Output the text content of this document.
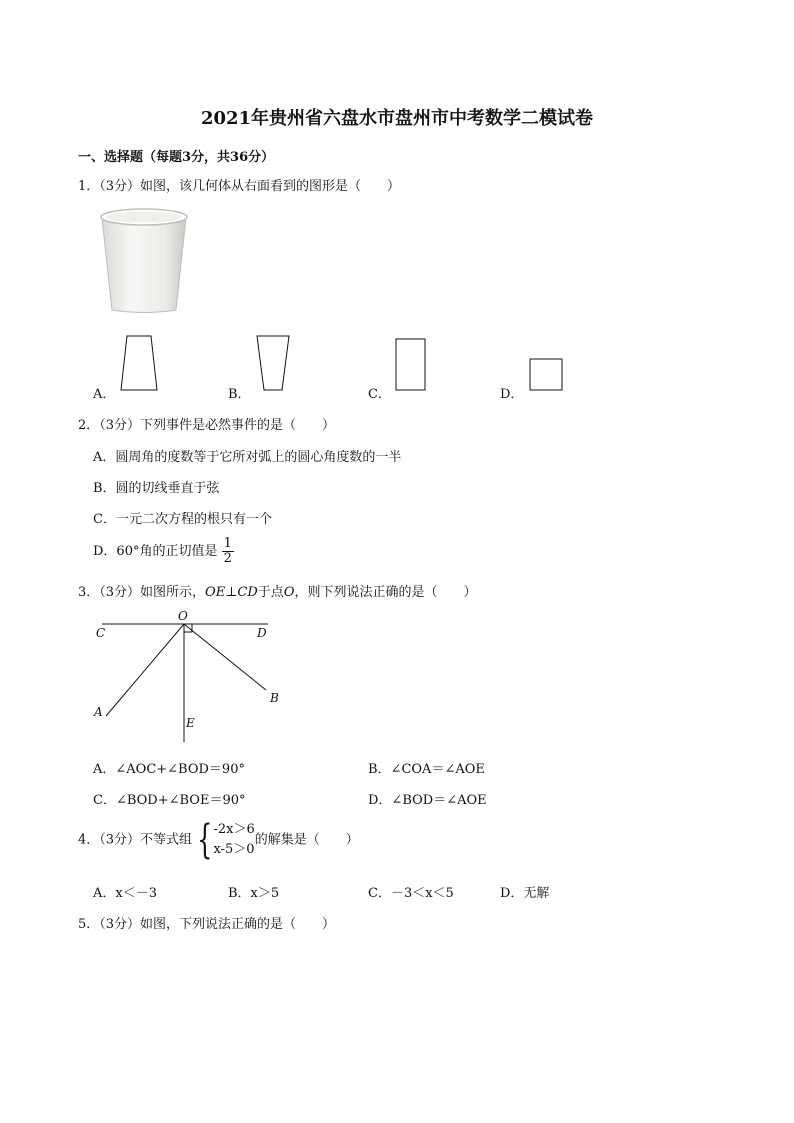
2021年贵州省六盘水市盘州市中考数学二模试卷
一、选择题（每题3分，共36分）
1．（3分）如图，该几何体从右面看到的图形是（　　）
A．	B．	C．	D．
2．（3分）下列事件是必然事件的是（　　）
A．圆周角的度数等于它所对弧上的圆心角度数的一半
B．圆的切线垂直于弦
C．一元二次方程的根只有一个
D．60°角的正切值是 $\frac{1}{2}$
3．（3分）如图所示，OE⊥CD于点O，则下列说法正确的是（　　）
O
C	D
A
B
E
A．∠AOC+∠BOD＝90°	B．∠COA＝∠AOE
C．∠BOD+∠BOE＝90°	D．∠BOD＝∠AOE
4．（3分）不等式组 { -2x＞6
x-5＞0
的解集是（　　）
A．x＜－3	B．x＞5	C．－3＜x＜5	D．无解
5．（3分）如图，下列说法正确的是（　　）
